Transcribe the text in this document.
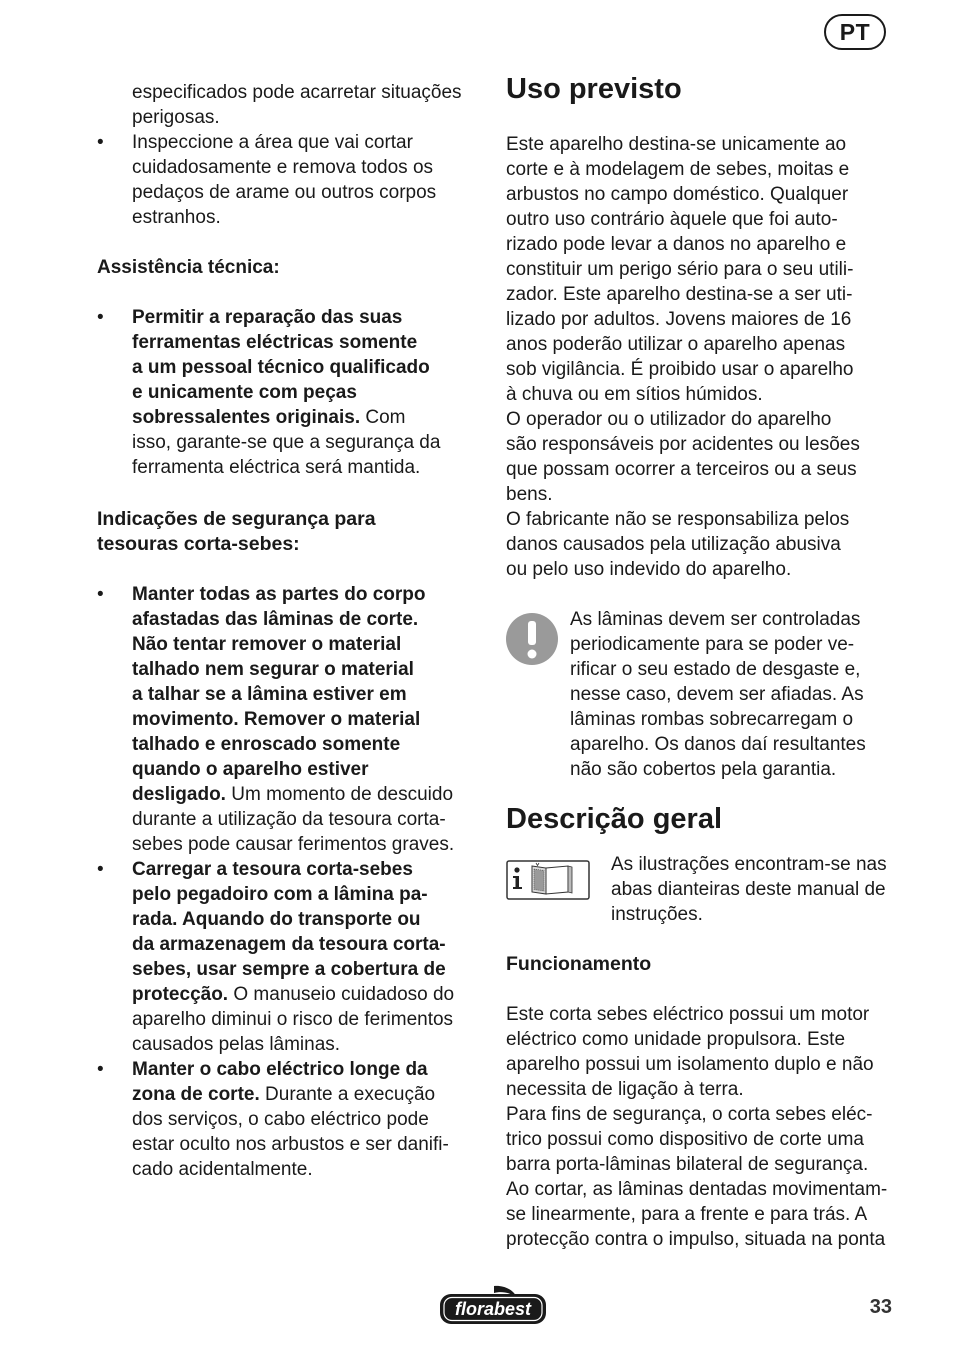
PT
especificados pode acarretar situações
perigosas.
• Inspeccione a área que vai cortar
cuidadosamente e remova todos os
pedaços de arame ou outros corpos
estranhos.
Assistência técnica:
• Permitir a reparação das suas
ferramentas eléctricas somente
a um pessoal técnico qualificado
e unicamente com peças
sobressalentes originais. Com
isso, garante-se que a segurança da
ferramenta eléctrica será mantida.
Indicações de segurança para
tesouras corta-sebes:
• Manter todas as partes do corpo
afastadas das lâminas de corte.
Não tentar remover o material
talhado nem segurar o material
a talhar se a lâmina estiver em
movimento. Remover o material
talhado e enroscado somente
quando o aparelho estiver
desligado. Um momento de descuido
durante a utilização da tesoura corta-
sebes pode causar ferimentos graves.
• Carregar a tesoura corta-sebes
pelo pegadoiro com a lâmina pa-
rada. Aquando do transporte ou
da armazenagem da tesoura corta-
sebes, usar sempre a cobertura de
protecção. O manuseio cuidadoso do
aparelho diminui o risco de ferimentos
causados pelas lâminas.
• Manter o cabo eléctrico longe da
zona de corte. Durante a execução
dos serviços, o cabo eléctrico pode
estar oculto nos arbustos e ser danifi-
cado acidentalmente.
Uso previsto
Este aparelho destina-se unicamente ao
corte e à modelagem de sebes, moitas e
arbustos no campo doméstico. Qualquer
outro uso contrário àquele que foi auto-
rizado pode levar a danos no aparelho e
constituir um perigo sério para o seu utili-
zador. Este aparelho destina-se a ser uti-
lizado por adultos. Jovens maiores de 16
anos poderão utilizar o aparelho apenas
sob vigilância. É proibido usar o aparelho
à chuva ou em sítios húmidos.
O operador ou o utilizador do aparelho
são responsáveis por acidentes ou lesões
que possam ocorrer a terceiros ou a seus
bens.
O fabricante não se responsabiliza pelos
danos causados pela utilização abusiva
ou pelo uso indevido do aparelho.
As lâminas devem ser controladas
periodicamente para se poder ve-
rificar o seu estado de desgaste e,
nesse caso, devem ser afiadas. As
lâminas rombas sobrecarregam o
aparelho. Os danos daí resultantes
não são cobertos pela garantia.
Descrição geral
As ilustrações encontram-se nas
abas dianteiras deste manual de
instruções.
Funcionamento
Este corta sebes eléctrico possui um motor
eléctrico como unidade propulsora. Este
aparelho possui um isolamento duplo e não
necessita de ligação à terra.
Para fins de segurança, o corta sebes eléc-
trico possui como dispositivo de corte uma
barra porta-lâminas bilateral de segurança.
Ao cortar, as lâminas dentadas movimentam-
se linearmente, para a frente e para trás. A
protecção contra o impulso, situada na ponta
florabest	33
